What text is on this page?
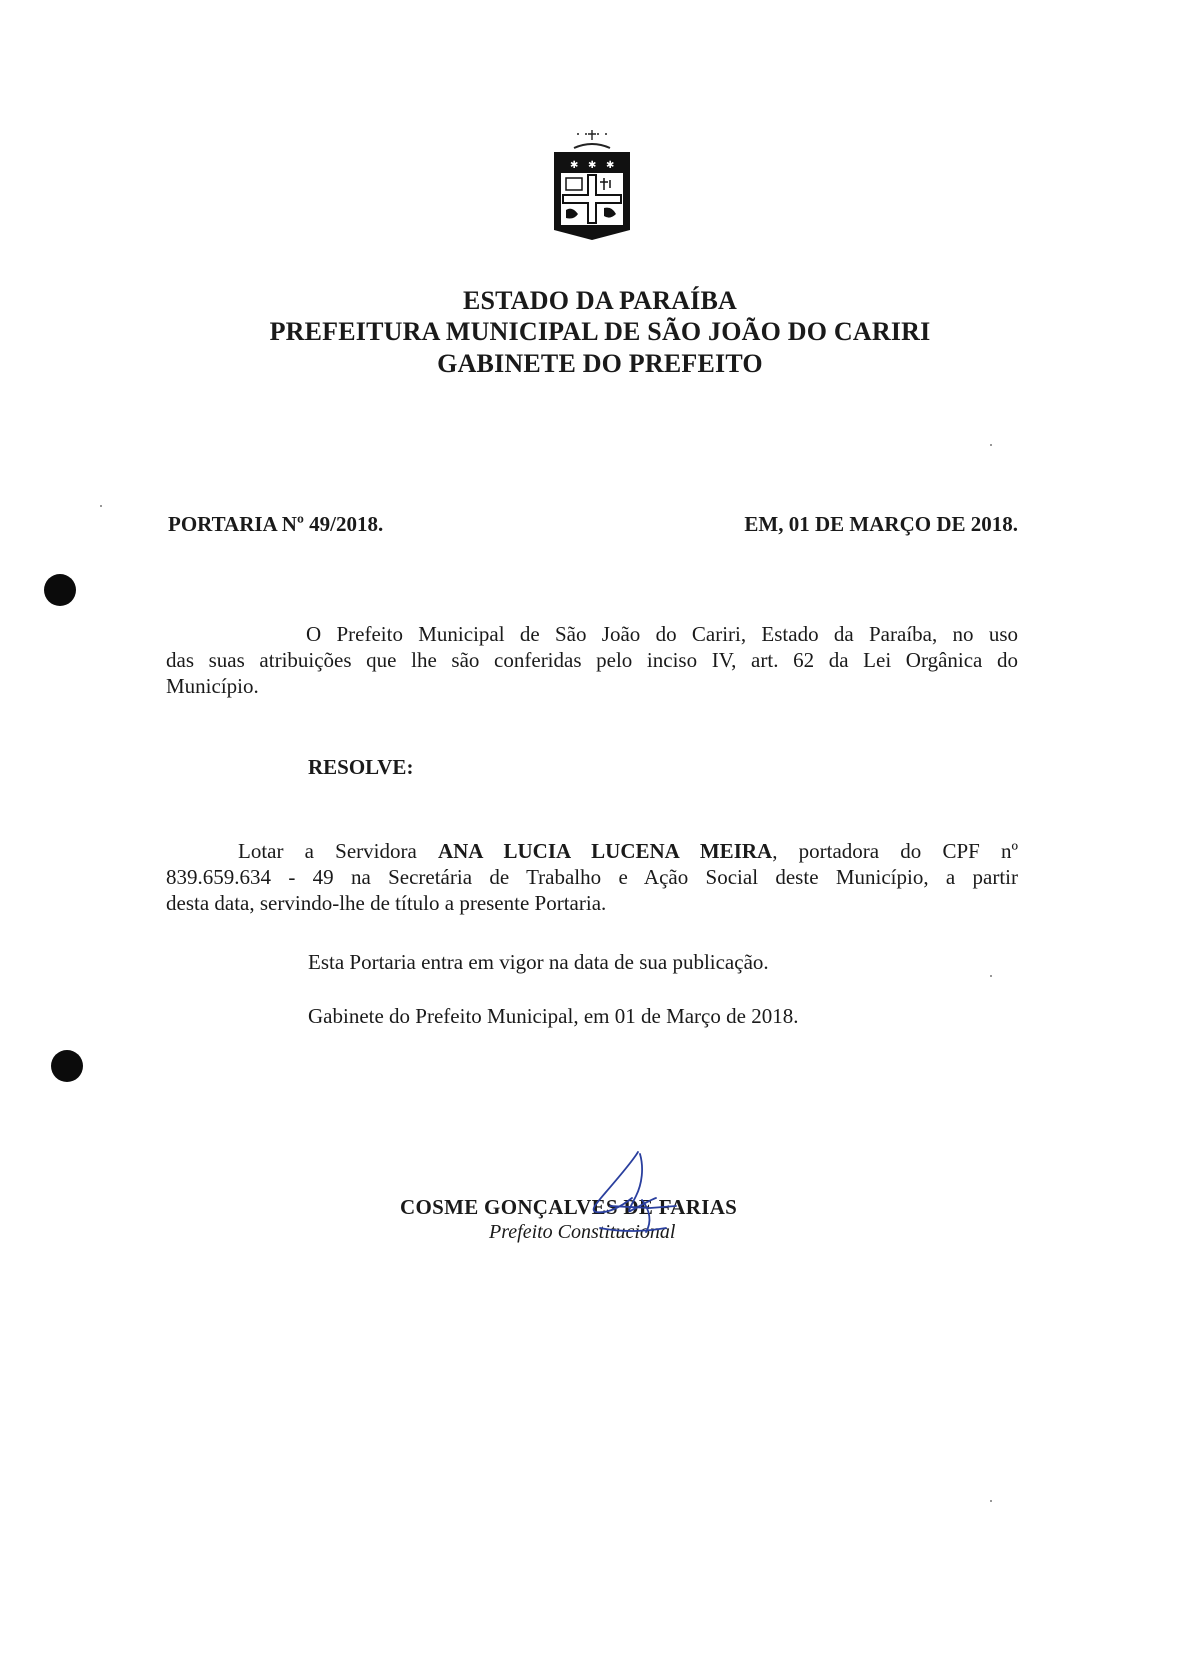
✱ ✱ ✱
ESTADO DA PARAÍBA
PREFEITURA MUNICIPAL DE SÃO JOÃO DO CARIRI
GABINETE DO PREFEITO
PORTARIA Nº 49/2018.	EM, 01 DE MARÇO DE 2018.
O Prefeito Municipal de São João do Cariri, Estado da Paraíba, no uso
das suas atribuições que lhe são conferidas pelo inciso IV, art. 62 da Lei Orgânica do
Município.
RESOLVE:
Lotar a Servidora ANA LUCIA LUCENA MEIRA, portadora do CPF nº
839.659.634 - 49 na Secretária de Trabalho e Ação Social deste Município, a partir
desta data, servindo-lhe de título a presente Portaria.
Esta Portaria entra em vigor na data de sua publicação.
Gabinete do Prefeito Municipal, em 01 de Março de 2018.
COSME GONÇALVES DE FARIAS
Prefeito Constitucional
